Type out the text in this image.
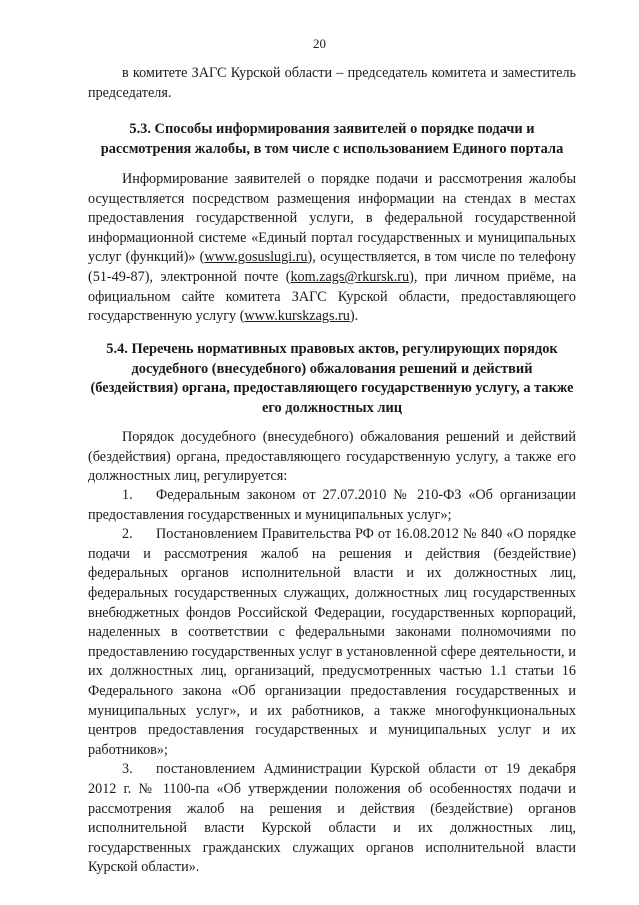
20
в комитете ЗАГС Курской области – председатель комитета и заместитель председателя.
5.3. Способы информирования заявителей о порядке подачи и рассмотрения жалобы, в том числе с использованием Единого портала
Информирование заявителей о порядке подачи и рассмотрения жалобы осуществляется посредством размещения информации на стендах в местах предоставления государственной услуги, в федеральной государственной информационной системе «Единый портал государственных и муниципальных услуг (функций)» (www.gosuslugi.ru), осуществляется, в том числе по телефону (51-49-87), электронной почте (kom.zags@rkursk.ru), при личном приёме, на официальном сайте комитета ЗАГС Курской области, предоставляющего государственную услугу (www.kurskzags.ru).
5.4. Перечень нормативных правовых актов, регулирующих порядок досудебного (внесудебного) обжалования решений и действий (бездействия) органа, предоставляющего государственную услугу, а также его должностных лиц
Порядок досудебного (внесудебного) обжалования решений и действий (бездействия) органа, предоставляющего государственную услугу, а также его должностных лиц, регулируется:

1. Федеральным законом от 27.07.2010 № 210-ФЗ «Об организации предоставления государственных и муниципальных услуг»;

2. Постановлением Правительства РФ от 16.08.2012 № 840 «О порядке подачи и рассмотрения жалоб на решения и действия (бездействие) федеральных органов исполнительной власти и их должностных лиц, федеральных государственных служащих, должностных лиц государственных внебюджетных фондов Российской Федерации, государственных корпораций, наделенных в соответствии с федеральными законами полномочиями по предоставлению государственных услуг в установленной сфере деятельности, и их должностных лиц, организаций, предусмотренных частью 1.1 статьи 16 Федерального закона «Об организации предоставления государственных и муниципальных услуг», и их работников, а также многофункциональных центров предоставления государственных и муниципальных услуг и их работников»;

3. постановлением Администрации Курской области от 19 декабря 2012 г. № 1100-па «Об утверждении положения об особенностях подачи и рассмотрения жалоб на решения и действия (бездействие) органов исполнительной власти Курской области и их должностных лиц, государственных гражданских служащих органов исполнительной власти Курской области».
